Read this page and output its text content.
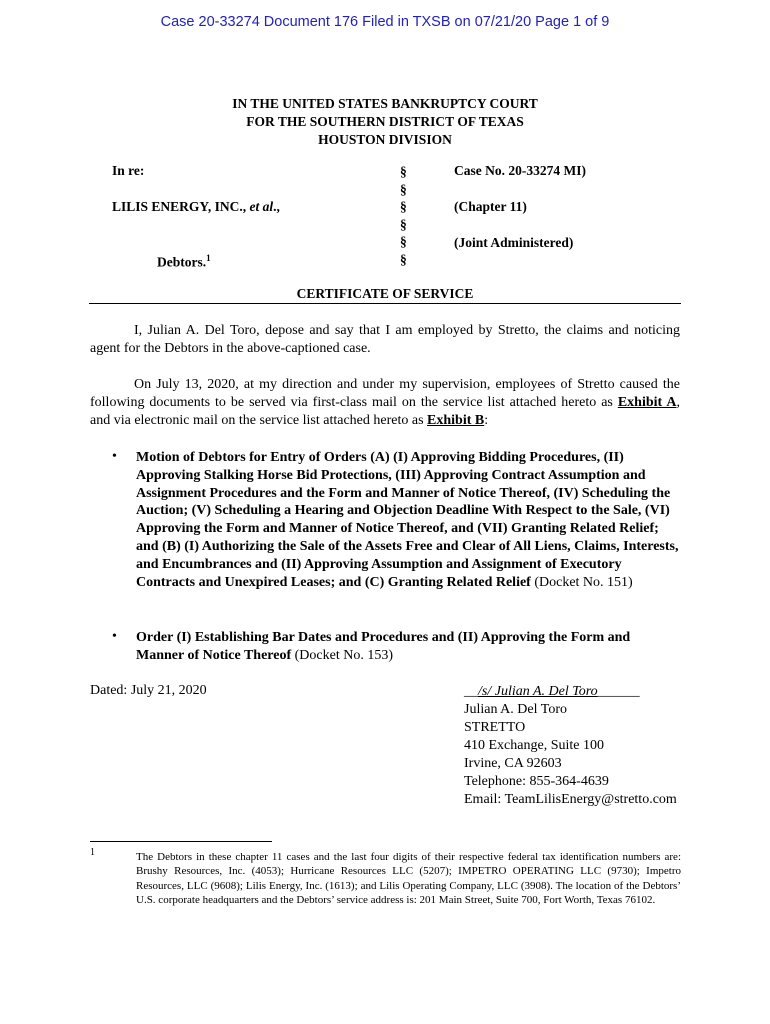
Case 20-33274 Document 176 Filed in TXSB on 07/21/20 Page 1 of 9
IN THE UNITED STATES BANKRUPTCY COURT
FOR THE SOUTHERN DISTRICT OF TEXAS
HOUSTON DIVISION
In re:
LILIS ENERGY, INC., et al.,
Debtors.$^1$
§
§
§
§
§
§
Case No. 20-33274 MI)
(Chapter 11)
(Joint Administered)
CERTIFICATE OF SERVICE
I, Julian A. Del Toro, depose and say that I am employed by Stretto, the claims and noticing agent for the Debtors in the above-captioned case.
On July 13, 2020, at my direction and under my supervision, employees of Stretto caused the following documents to be served via first-class mail on the service list attached hereto as Exhibit A, and via electronic mail on the service list attached hereto as Exhibit B:
• Motion of Debtors for Entry of Orders (A) (I) Approving Bidding Procedures, (II) Approving Stalking Horse Bid Protections, (III) Approving Contract Assumption and Assignment Procedures and the Form and Manner of Notice Thereof, (IV) Scheduling the Auction; (V) Scheduling a Hearing and Objection Deadline With Respect to the Sale, (VI) Approving the Form and Manner of Notice Thereof, and (VII) Granting Related Relief; and (B) (I) Authorizing the Sale of the Assets Free and Clear of All Liens, Claims, Interests, and Encumbrances and (II) Approving Assumption and Assignment of Executory Contracts and Unexpired Leases; and (C) Granting Related Relief (Docket No. 151)
• Order (I) Establishing Bar Dates and Procedures and (II) Approving the Form and Manner of Notice Thereof (Docket No. 153)
Dated: July 21, 2020	__/s/ Julian A. Del Toro______
Julian A. Del Toro
STRETTO
410 Exchange, Suite 100
Irvine, CA 92603
Telephone: 855-364-4639
Email: TeamLilisEnergy@stretto.com
1	The Debtors in these chapter 11 cases and the last four digits of their respective federal tax identification numbers are: Brushy Resources, Inc. (4053); Hurricane Resources LLC (5207); IMPETRO OPERATING LLC (9730); Impetro Resources, LLC (9608); Lilis Energy, Inc. (1613); and Lilis Operating Company, LLC (3908). The location of the Debtors’ U.S. corporate headquarters and the Debtors’ service address is: 201 Main Street, Suite 700, Fort Worth, Texas 76102.
